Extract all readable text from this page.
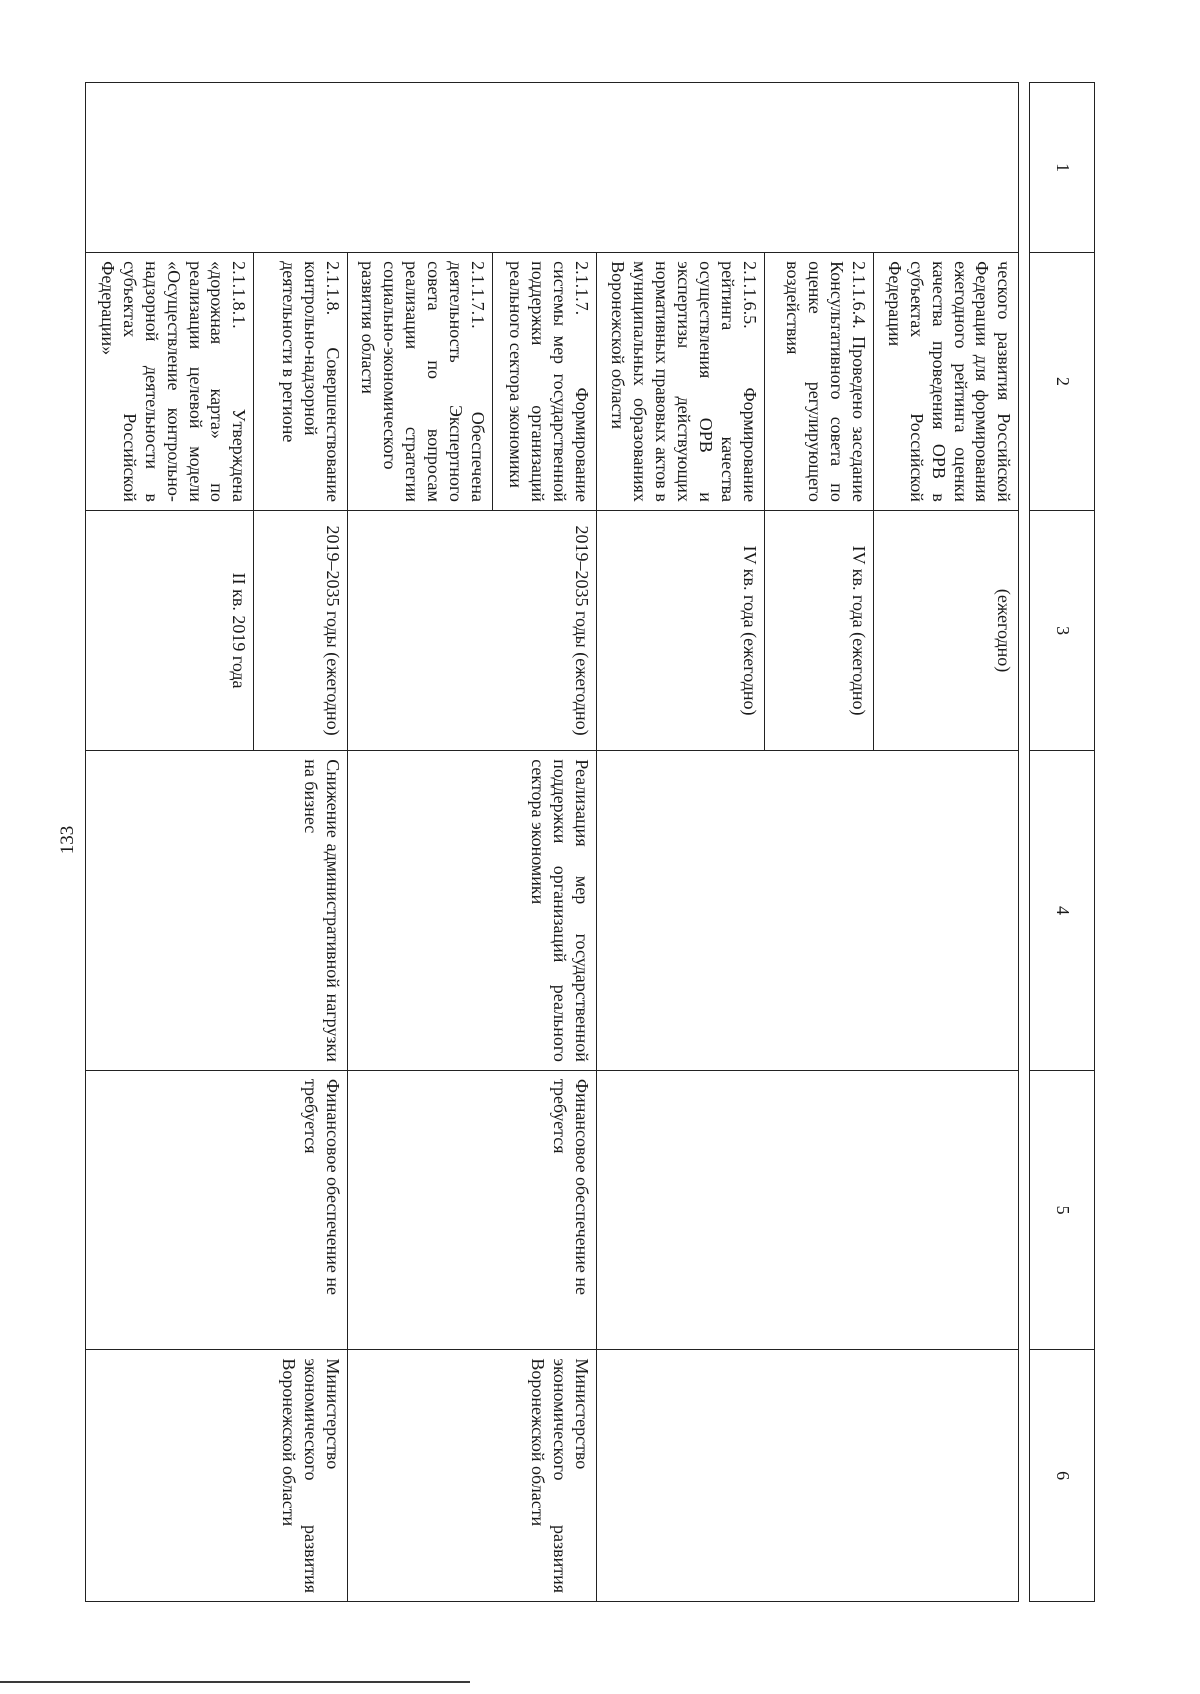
133
1	2	3	4	5	6

	ческого развития Российской Федерации для формирования ежегодного рейтинга оценки качества проведения ОРВ в субъектах Российской Федерации	(ежегодно)			
	2.1.1.6.4. Проведено заседание Консультативного совета по оценке регулирующего воздействия	IV кв. года (ежегодно)			
	2.1.1.6.5. Формирование рейтинга качества осуществления ОРВ и экспертизы действующих нормативных правовых актов в муниципальных образованиях Воронежской области	IV кв. года (ежегодно)			
	2.1.1.7. Формирование системы мер государственной поддержки организаций реального сектора экономики	2019–2035 годы (ежегодно)	Реализация мер государственной поддержки организаций реального сектора экономики	Финансовое обеспечение не требуется	Министерство экономического развития Воронежской области
	2.1.1.7.1. Обеспечена деятельность Экспертного совета по вопросам реализации стратегии социально-экономического развития области				
	2.1.1.8. Совершенствование контрольно-надзорной деятельности в регионе	2019–2035 годы (ежегодно)	Снижение административной нагрузки на бизнес	Финансовое обеспечение не требуется	Министерство экономического развития Воронежской области
	2.1.1.8.1. Утверждена «дорожная карта» по реализации целевой модели «Осуществление контрольно-надзорной деятельности в субъектах Российской Федерации»	II кв. 2019 года			
